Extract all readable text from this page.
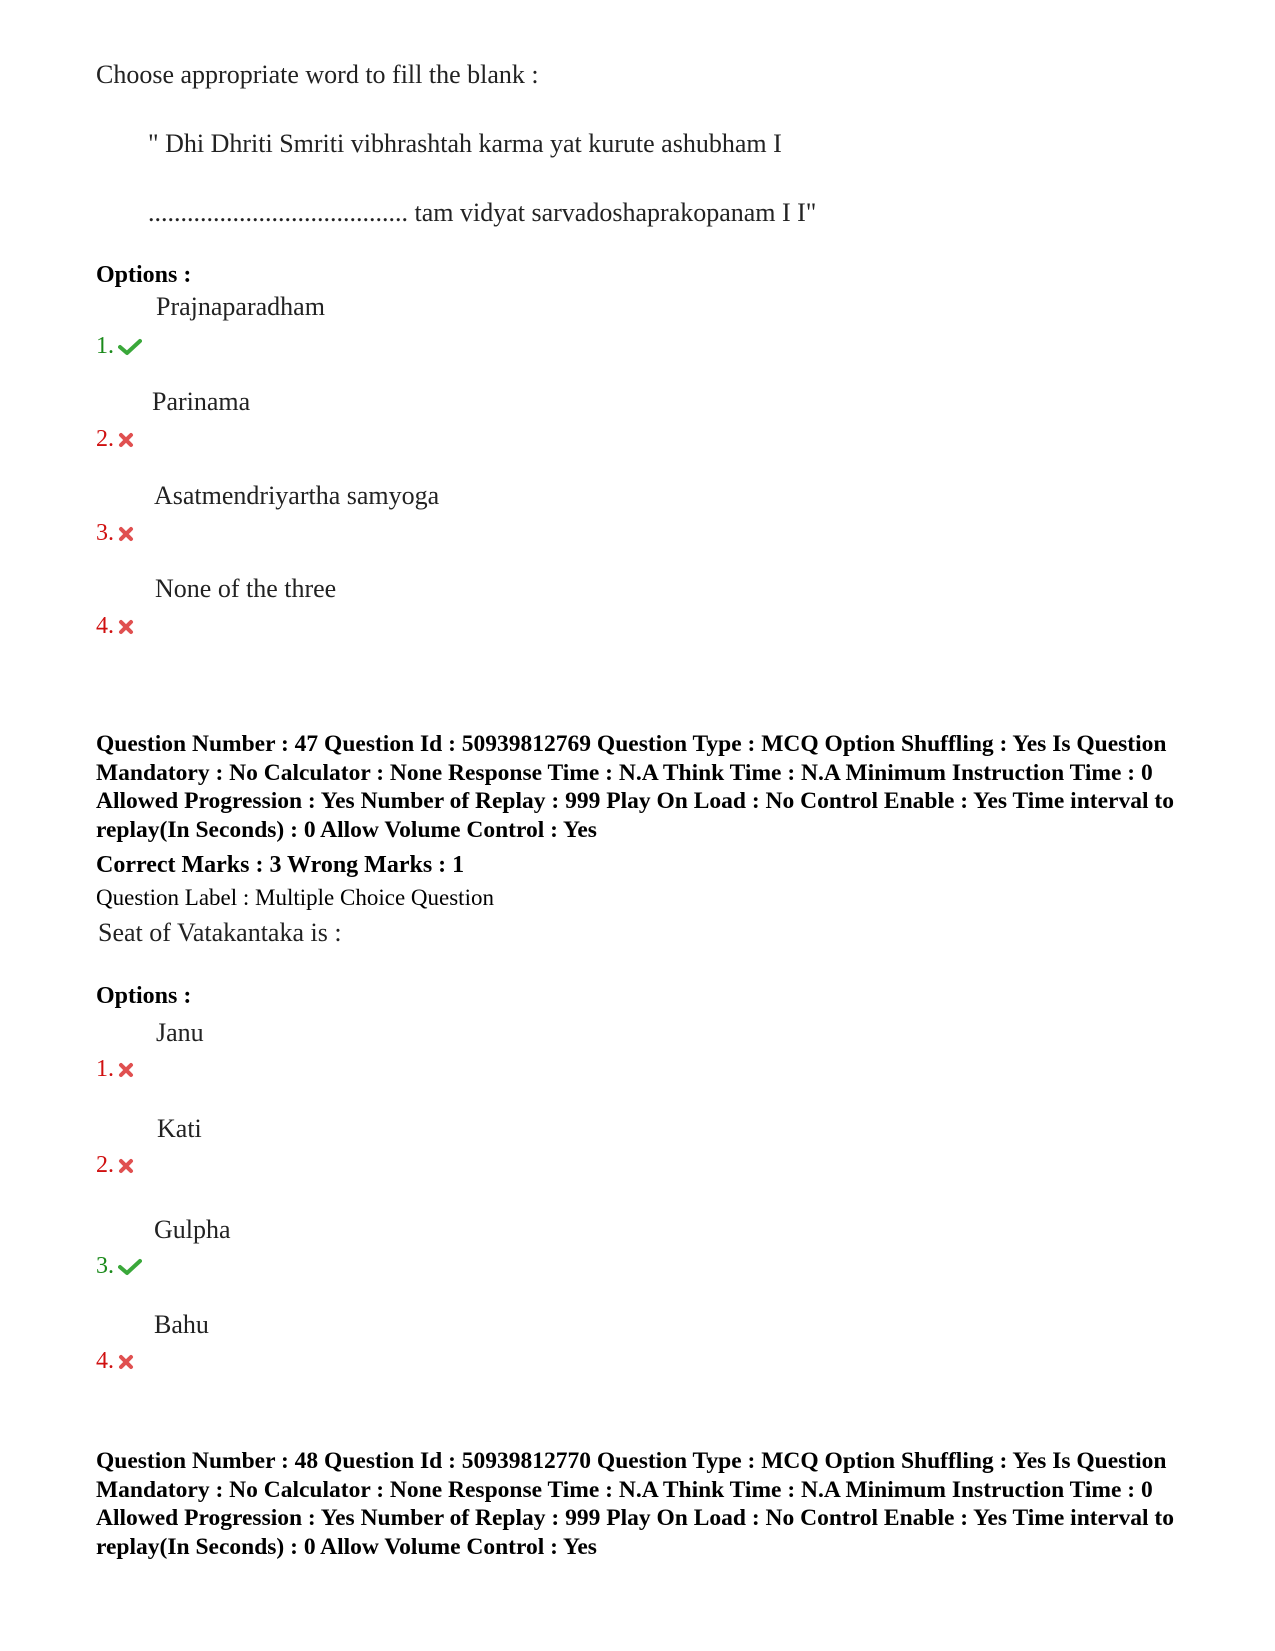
Choose appropriate word to fill the blank :
" Dhi Dhriti Smriti vibhrashtah karma yat kurute ashubham I
........................................ tam vidyat sarvadoshaprakopanam I I"
Options :
Prajnaparadham
1.
Parinama
2.
Asatmendriyartha samyoga
3.
None of the three
4.
Question Number : 47 Question Id : 50939812769 Question Type : MCQ Option Shuffling : Yes Is Question Mandatory : No Calculator : None Response Time : N.A Think Time : N.A Minimum Instruction Time : 0 Allowed Progression : Yes Number of Replay : 999 Play On Load : No Control Enable : Yes Time interval to replay(In Seconds) : 0 Allow Volume Control : Yes
Correct Marks : 3 Wrong Marks : 1
Question Label : Multiple Choice Question
Seat of Vatakantaka is :
Options :
Janu
1.
Kati
2.
Gulpha
3.
Bahu
4.
Question Number : 48 Question Id : 50939812770 Question Type : MCQ Option Shuffling : Yes Is Question Mandatory : No Calculator : None Response Time : N.A Think Time : N.A Minimum Instruction Time : 0 Allowed Progression : Yes Number of Replay : 999 Play On Load : No Control Enable : Yes Time interval to replay(In Seconds) : 0 Allow Volume Control : Yes
